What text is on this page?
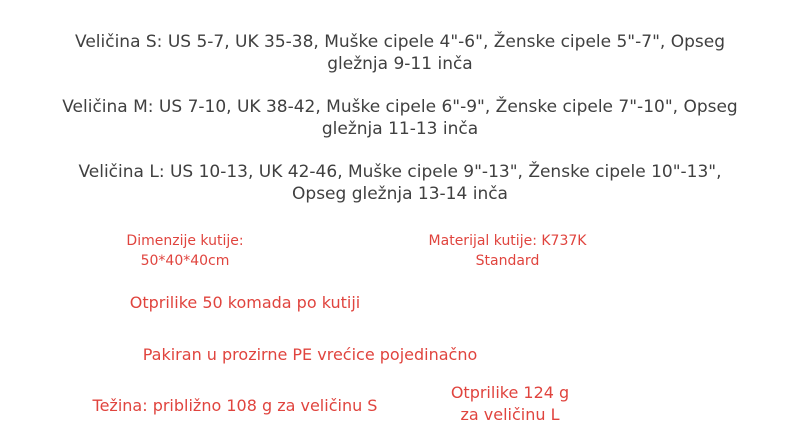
Veličina S: US 5-7, UK 35-38, Muške cipele 4"-6", Ženske cipele 5"-7", Opseg
gležnja 9-11 inča
Veličina M: US 7-10, UK 38-42, Muške cipele 6"-9", Ženske cipele 7"-10", Opseg
gležnja 11-13 inča
Veličina L: US 10-13, UK 42-46, Muške cipele 9"-13", Ženske cipele 10"-13",
Opseg gležnja 13-14 inča
Dimenzije kutije:
50*40*40cm
Materijal kutije: K737K
Standard
Otprilike 50 komada po kutiji
Pakiran u prozirne PE vrećice pojedinačno
Težina: približno 108 g za veličinu S
Otprilike 124 g
za veličinu L
